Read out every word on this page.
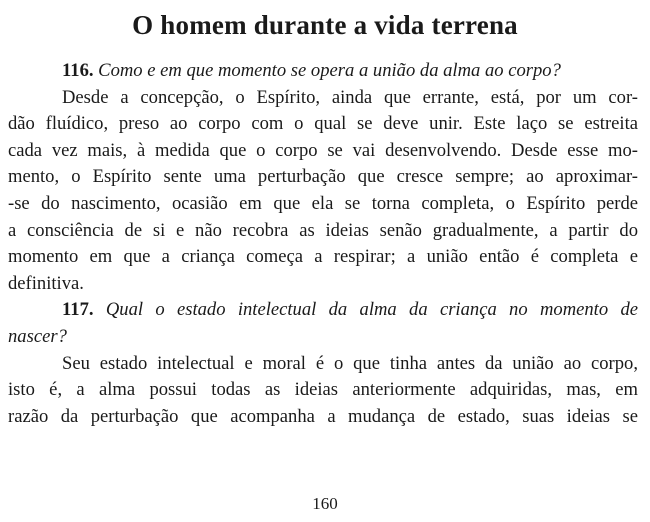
O homem durante a vida terrena
116. Como e em que momento se opera a união da alma ao corpo?
Desde a concepção, o Espírito, ainda que errante, está, por um cor-
dão fluídico, preso ao corpo com o qual se deve unir. Este laço se estreita
cada vez mais, à medida que o corpo se vai desenvolvendo. Desde esse mo-
mento, o Espírito sente uma perturbação que cresce sempre; ao aproximar-
-se do nascimento, ocasião em que ela se torna completa, o Espírito perde
a consciência de si e não recobra as ideias senão gradualmente, a partir do
momento em que a criança começa a respirar; a união então é completa e
definitiva.
117. Qual o estado intelectual da alma da criança no momento de
nascer?
Seu estado intelectual e moral é o que tinha antes da união ao corpo,
isto é, a alma possui todas as ideias anteriormente adquiridas, mas, em
razão da perturbação que acompanha a mudança de estado, suas ideias se
160
